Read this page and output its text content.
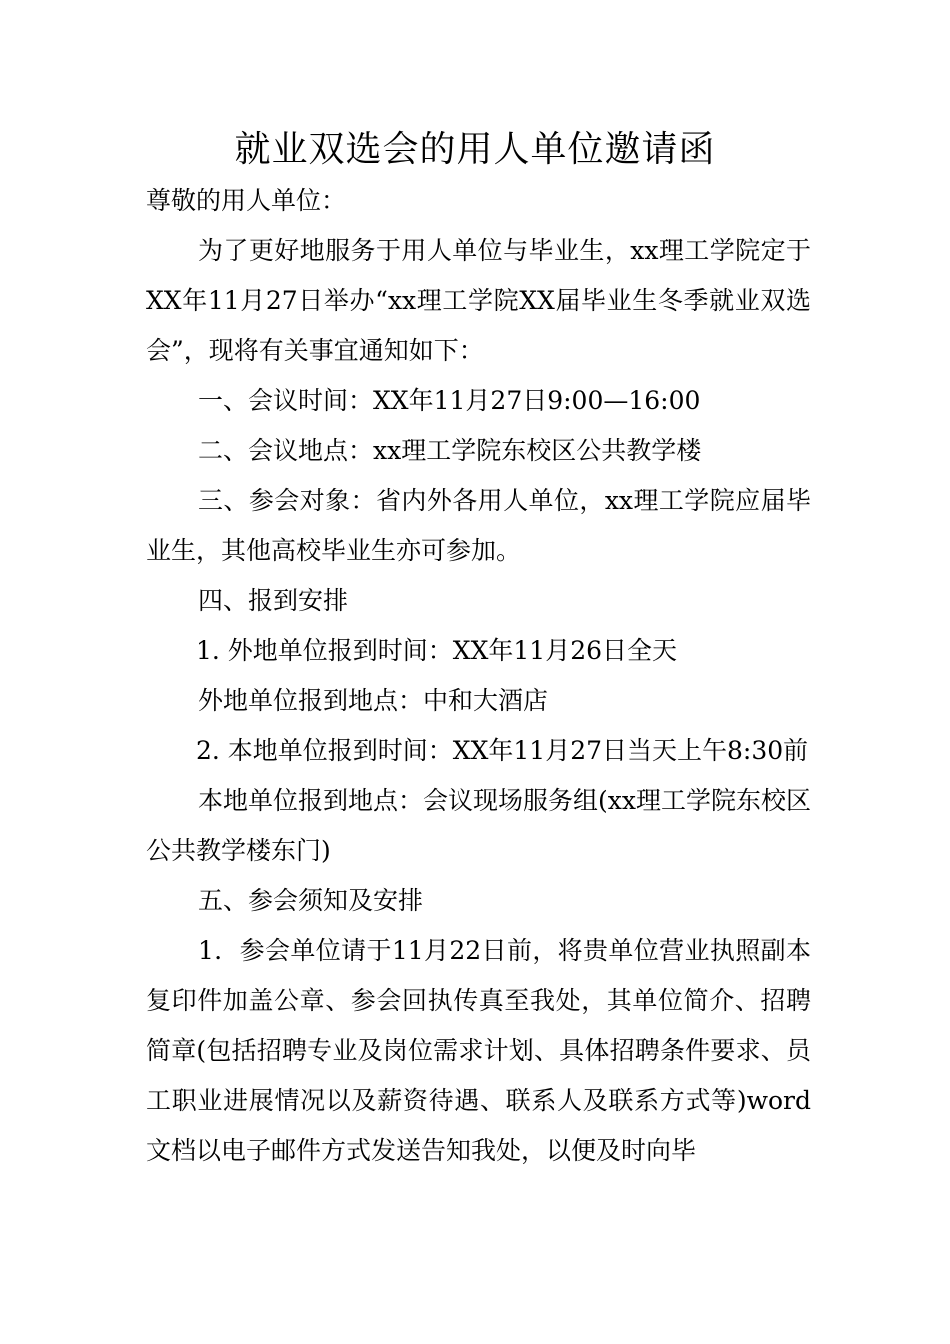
就业双选会的用人单位邀请函

尊敬的用人单位：

为了更好地服务于用人单位与毕业生，xx理工学院定于XX年11月27日举办“xx理工学院XX届毕业生冬季就业双选会”，现将有关事宜通知如下：

一、会议时间：XX年11月27日9:00—16:00

二、会议地点：xx理工学院东校区公共教学楼

三、参会对象：省内外各用人单位，xx理工学院应届毕业生，其他高校毕业生亦可参加。

四、报到安排

1. 外地单位报到时间：XX年11月26日全天

外地单位报到地点：中和大酒店

2. 本地单位报到时间：XX年11月27日当天上午8:30前

本地单位报到地点：会议现场服务组(xx理工学院东校区公共教学楼东门)

五、参会须知及安排

1．参会单位请于11月22日前，将贵单位营业执照副本复印件加盖公章、参会回执传真至我处，其单位简介、招聘简章(包括招聘专业及岗位需求计划、具体招聘条件要求、员工职业进展情况以及薪资待遇、联系人及联系方式等)word文档以电子邮件方式发送告知我处，以便及时向毕
